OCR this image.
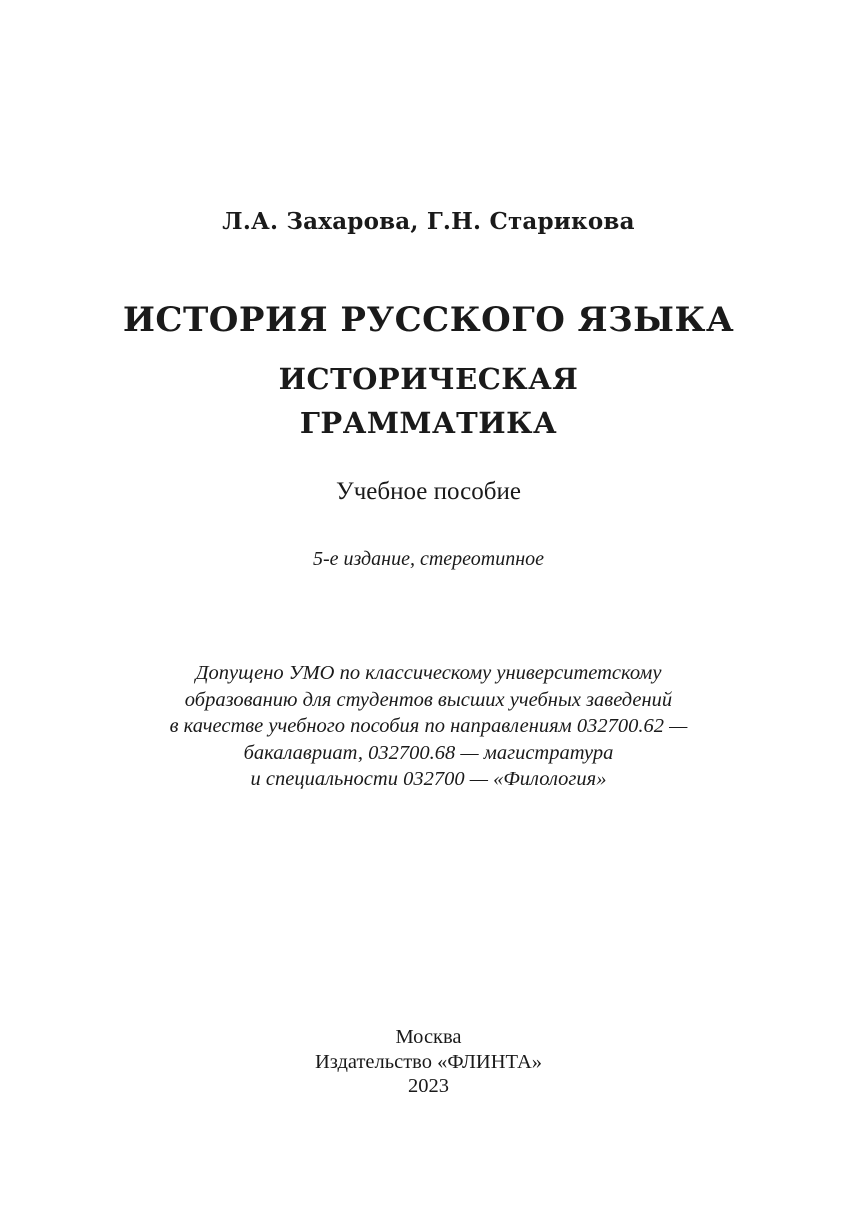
Л.А. Захарова, Г.Н. Старикова
ИСТОРИЯ РУССКОГО ЯЗЫКА
ИСТОРИЧЕСКАЯ
ГРАММАТИКА
Учебное пособие
5-е издание, стереотипное
Допущено УМО по классическому университетскому
образованию для студентов высших учебных заведений
в качестве учебного пособия по направлениям 032700.62 —
бакалавриат, 032700.68 — магистратура
и специальности 032700 — «Филология»
Москва
Издательство «ФЛИНТА»
2023
